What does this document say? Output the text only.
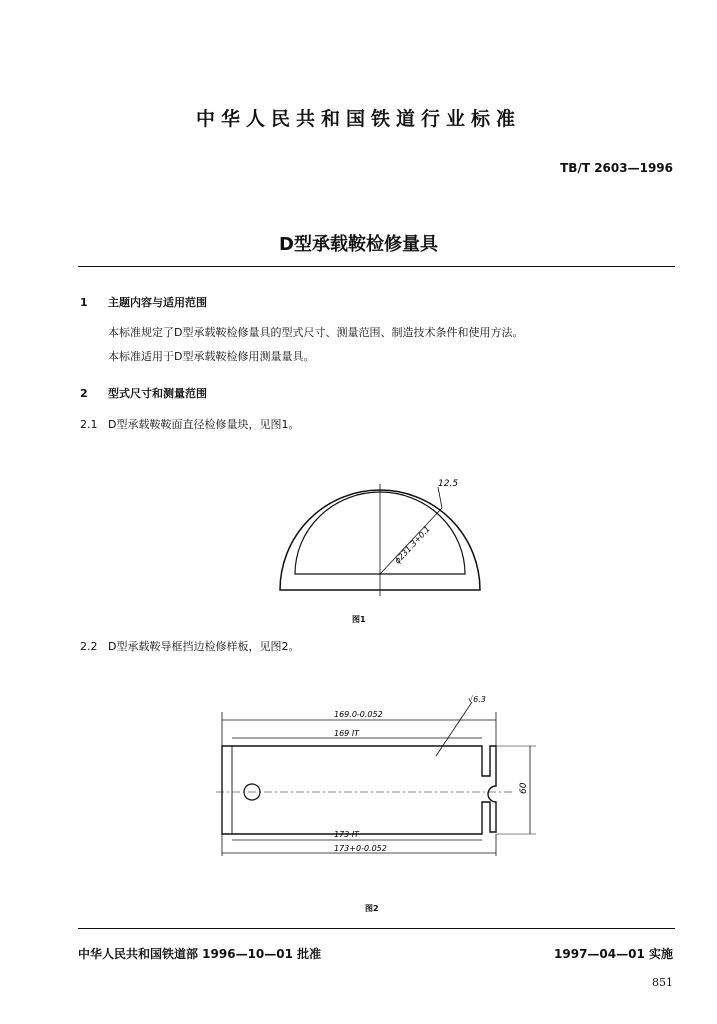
中华人民共和国铁道行业标准
TB/T 2603—1996
D型承载鞍检修量具
1 主题内容与适用范围
本标准规定了D型承载鞍检修量具的型式尺寸、测量范围、制造技术条件和使用方法。
本标准适用于D型承载鞍检修用测量量具。
2 型式尺寸和测量范围
2.1 D型承载鞍鞍面直径检修量块，见图1。
12.5
ϕ231.3+0.1
图1
2.2 D型承载鞍导框挡边检修样板，见图2。
169.0-0.052
169 IT
√6.3
60
173 IT
173+0-0.052
图2
中华人民共和国铁道部 1996—10—01 批准	1997—04—01 实施
851
